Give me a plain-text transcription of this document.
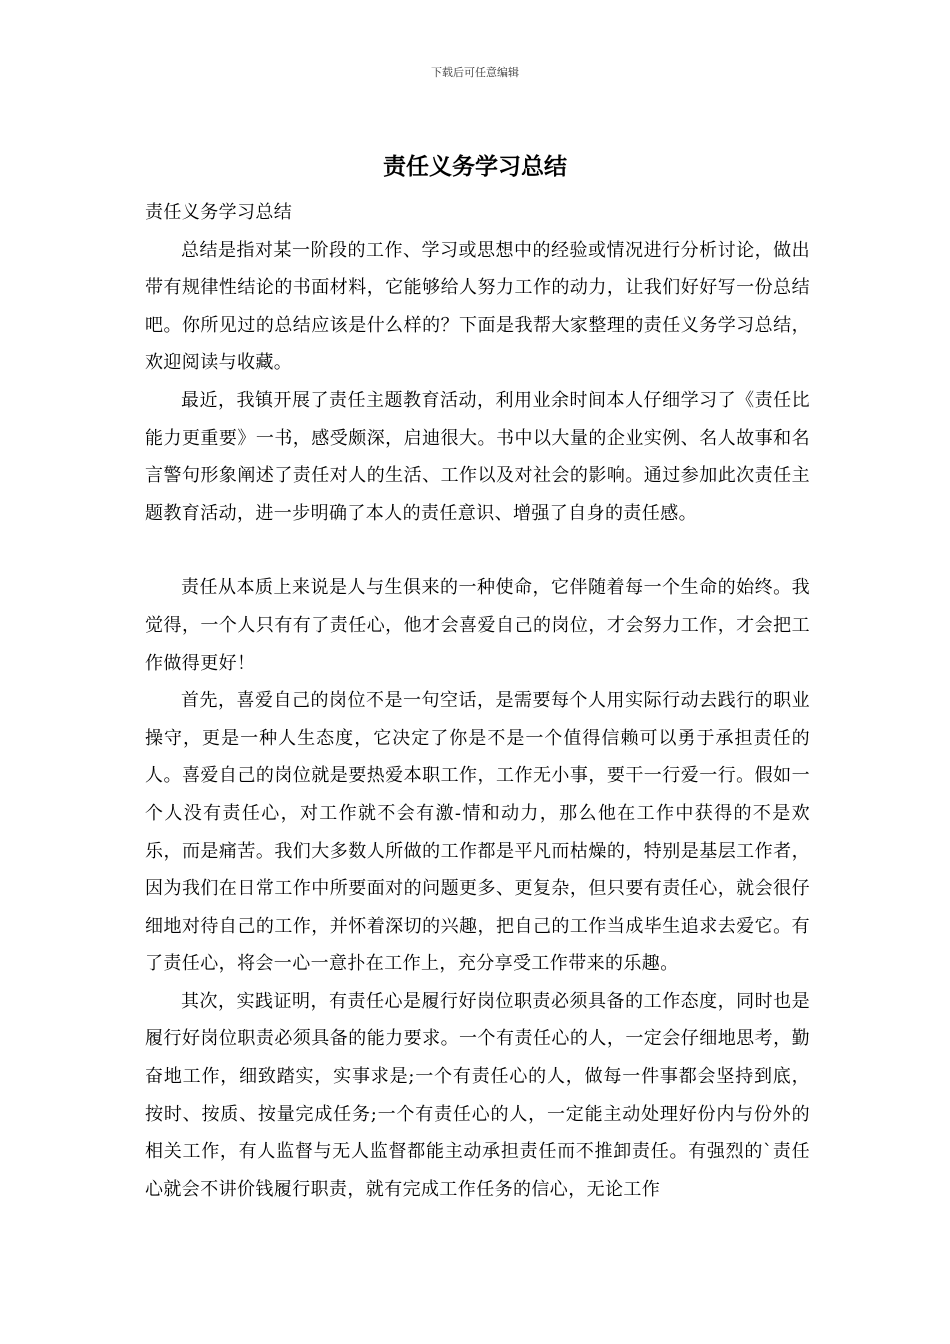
下载后可任意编辑
责任义务学习总结

责任义务学习总结

总结是指对某一阶段的工作、学习或思想中的经验或情况进行分析讨论，做出带有规律性结论的书面材料，它能够给人努力工作的动力，让我们好好写一份总结吧。你所见过的总结应该是什么样的？下面是我帮大家整理的责任义务学习总结，欢迎阅读与收藏。

最近，我镇开展了责任主题教育活动，利用业余时间本人仔细学习了《责任比能力更重要》一书，感受颇深，启迪很大。书中以大量的企业实例、名人故事和名言警句形象阐述了责任对人的生活、工作以及对社会的影响。通过参加此次责任主题教育活动，进一步明确了本人的责任意识、增强了自身的责任感。

责任从本质上来说是人与生俱来的一种使命，它伴随着每一个生命的始终。我觉得，一个人只有有了责任心，他才会喜爱自己的岗位，才会努力工作，才会把工作做得更好！

首先，喜爱自己的岗位不是一句空话，是需要每个人用实际行动去践行的职业操守，更是一种人生态度，它决定了你是不是一个值得信赖可以勇于承担责任的人。喜爱自己的岗位就是要热爱本职工作，工作无小事，要干一行爱一行。假如一个人没有责任心，对工作就不会有激-情和动力，那么他在工作中获得的不是欢乐，而是痛苦。我们大多数人所做的工作都是平凡而枯燥的，特别是基层工作者，因为我们在日常工作中所要面对的问题更多、更复杂，但只要有责任心，就会很仔细地对待自己的工作，并怀着深切的兴趣，把自己的工作当成毕生追求去爱它。有了责任心，将会一心一意扑在工作上，充分享受工作带来的乐趣。

其次，实践证明，有责任心是履行好岗位职责必须具备的工作态度，同时也是履行好岗位职责必须具备的能力要求。一个有责任心的人，一定会仔细地思考，勤奋地工作，细致踏实，实事求是;一个有责任心的人，做每一件事都会坚持到底，按时、按质、按量完成任务;一个有责任心的人，一定能主动处理好份内与份外的相关工作，有人监督与无人监督都能主动承担责任而不推卸责任。有强烈的`责任心就会不讲价钱履行职责，就有完成工作任务的信心，无论工作
